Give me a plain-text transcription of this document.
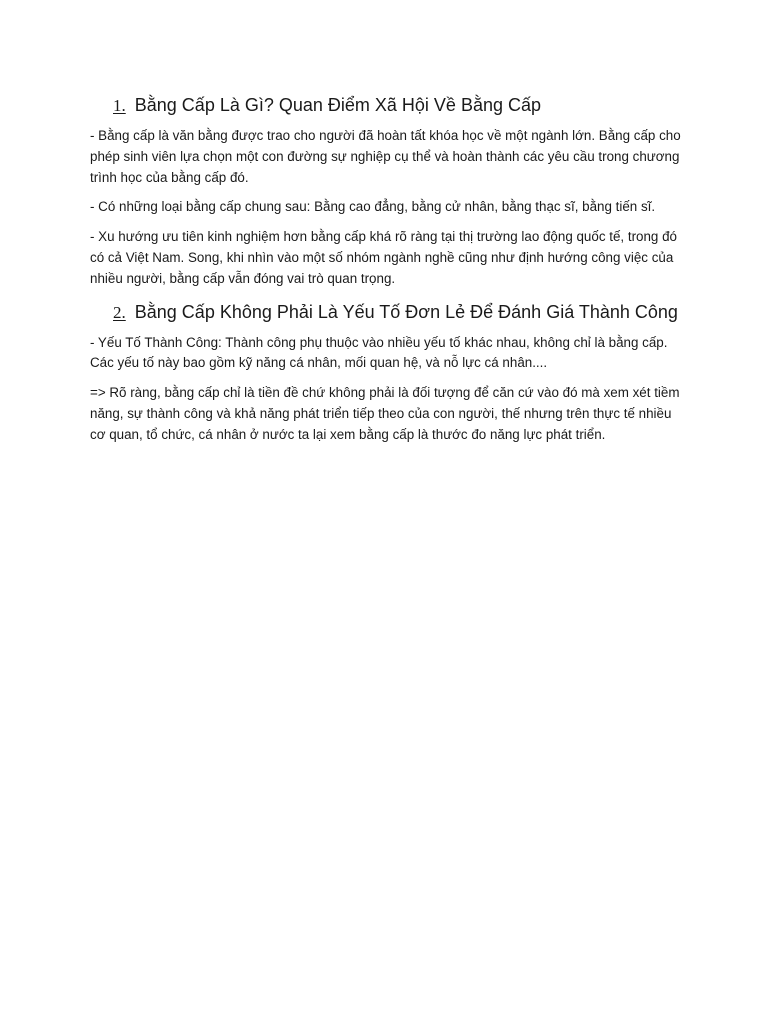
1. Bằng Cấp Là Gì? Quan Điểm Xã Hội Về Bằng Cấp

- Bằng cấp là văn bằng được trao cho người đã hoàn tất khóa học về một ngành lớn. Bằng cấp cho phép sinh viên lựa chọn một con đường sự nghiệp cụ thể và hoàn thành các yêu cầu trong chương trình học của bằng cấp đó.

- Có những loại bằng cấp chung sau: Bằng cao đẳng, bằng cử nhân, bằng thạc sĩ, bằng tiến sĩ.

- Xu hướng ưu tiên kinh nghiệm hơn bằng cấp khá rõ ràng tại thị trường lao động quốc tế, trong đó có cả Việt Nam. Song, khi nhìn vào một số nhóm ngành nghề cũng như định hướng công việc của nhiều người, bằng cấp vẫn đóng vai trò quan trọng.

2. Bằng Cấp Không Phải Là Yếu Tố Đơn Lẻ Để Đánh Giá Thành Công

- Yếu Tố Thành Công: Thành công phụ thuộc vào nhiều yếu tố khác nhau, không chỉ là bằng cấp. Các yếu tố này bao gồm kỹ năng cá nhân, mối quan hệ, và nỗ lực cá nhân....

=> Rõ ràng, bằng cấp chỉ là tiền đề chứ không phải là đối tượng để căn cứ vào đó mà xem xét tiềm năng, sự thành công và khả năng phát triển tiếp theo của con người, thế nhưng trên thực tế nhiều cơ quan, tổ chức, cá nhân ở nước ta lại xem bằng cấp là thước đo năng lực phát triển.
